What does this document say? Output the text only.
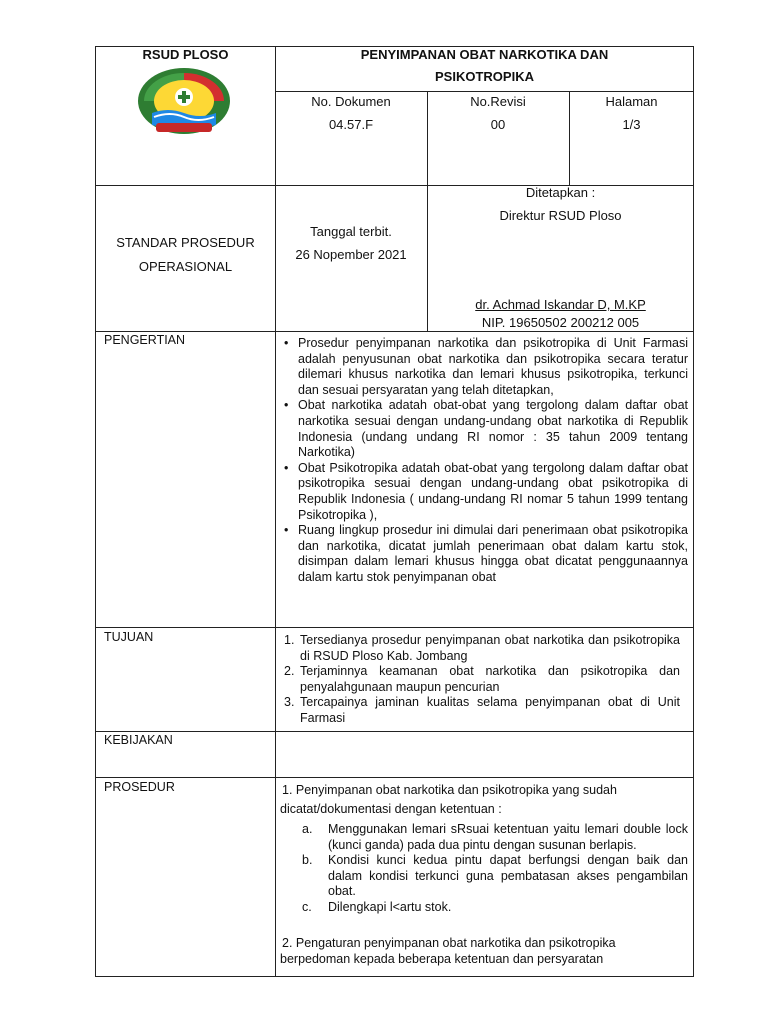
RSUD PLOSO	PENYIMPANAN OBAT NARKOTIKA DAN
PSIKOTROPIKA
No. Dokumen
04.57.F
No.Revisi
00
Halaman
1/3
STANDAR PROSEDUR
OPERASIONAL
Tanggal terbit.
26 Nopember 2021
Ditetapkan :
Direktur RSUD Ploso
dr. Achmad Iskandar D, M.KP
NIP. 19650502 200212 005
PENGERTIAN
•	Prosedur penyimpanan narkotika dan psikotropika di Unit Farmasi adalah penyusunan obat narkotika dan psikotropika secara teratur dilemari khusus narkotika dan lemari khusus psikotropika, terkunci dan sesuai persyaratan yang telah ditetapkan,
• Obat narkotika adatah obat-obat yang tergolong dalam daftar obat narkotika sesuai dengan undang-undang obat narkotika di Republik Indonesia (undang undang RI nomor : 35 tahun 2009 tentang Narkotika)
• Obat Psikotropika adatah obat-obat yang tergolong dalam daftar obat psikotropika sesuai dengan undang-undang obat psikotropika di Republik Indonesia ( undang-undang RI nomar 5 tahun 1999 tentang Psikotropika ),
• Ruang lingkup prosedur ini dimulai dari penerimaan obat psikotropika dan narkotika, dicatat jumlah penerimaan obat dalam kartu stok, disimpan dalam lemari khusus hingga obat dicatat penggunaannya dalam kartu stok penyimpanan obat
TUJUAN	1. Tersedianya prosedur penyimpanan obat narkotika dan psikotropika di RSUD Ploso Kab. Jombang
2. Terjaminnya keamanan obat narkotika dan psikotropika dan penyalahgunaan maupun pencurian
3. Tercapainya jaminan kualitas selama penyimpanan obat di Unit Farmasi
KEBIJAKAN
PROSEDUR	1. Penyimpanan obat narkotika dan psikotropika yang sudah
dicatat/dokumentasi dengan ketentuan :
a. Menggunakan lemari sRsuai ketentuan yaitu lemari double lock (kunci ganda) pada dua pintu dengan susunan berlapis.
b. Kondisi kunci kedua pintu dapat berfungsi dengan baik dan dalam kondisi terkunci guna pembatasan akses pengambilan obat.
c. Dilengkapi l<artu stok.
2. Pengaturan penyimpanan obat narkotika dan psikotropika
berpedoman kepada beberapa ketentuan dan persyaratan
